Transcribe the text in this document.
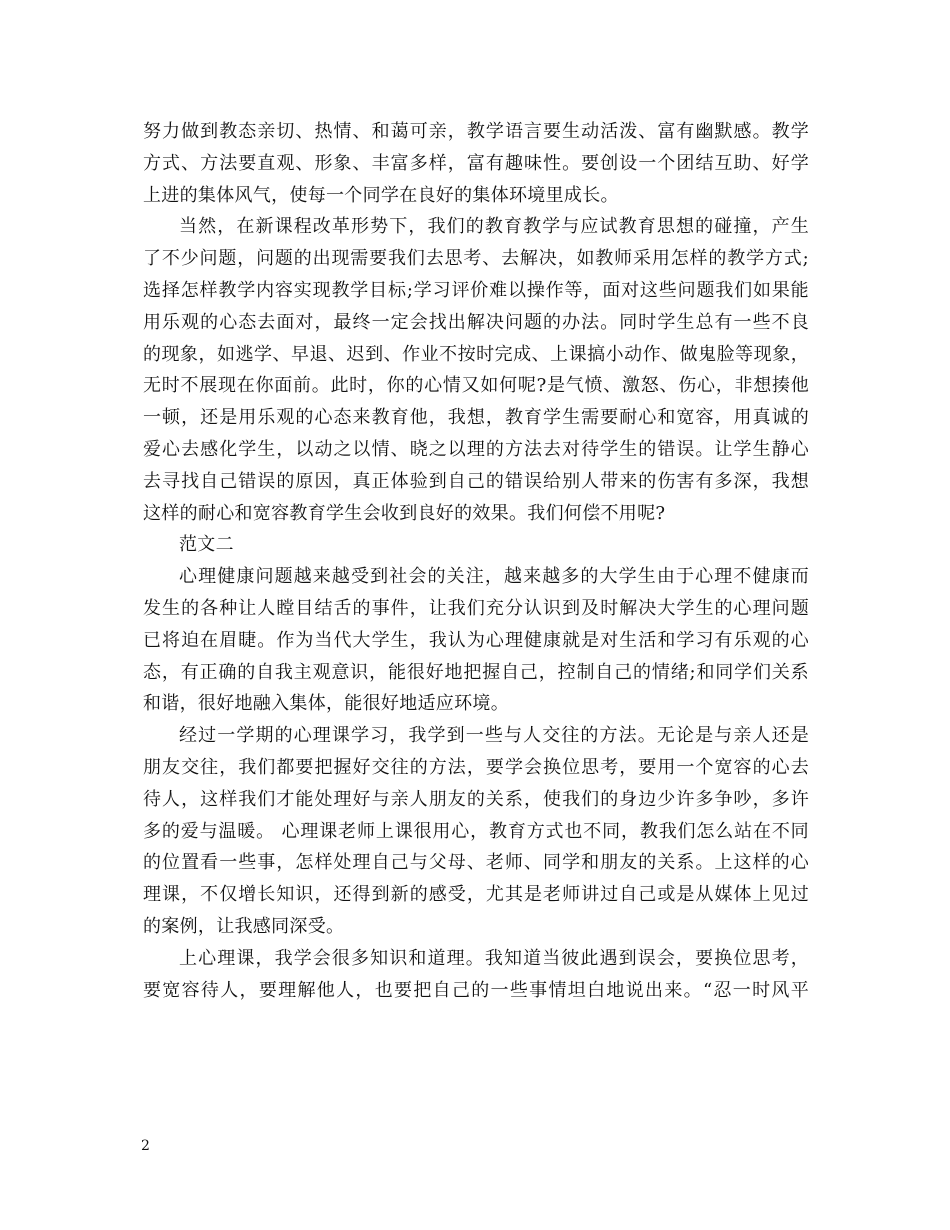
努力做到教态亲切、热情、和蔼可亲，教学语言要生动活泼、富有幽默感。教学
方式、方法要直观、形象、丰富多样，富有趣味性。要创设一个团结互助、好学
上进的集体风气，使每一个同学在良好的集体环境里成长。
当然，在新课程改革形势下，我们的教育教学与应试教育思想的碰撞，产生
了不少问题，问题的出现需要我们去思考、去解决，如教师采用怎样的教学方式;
选择怎样教学内容实现教学目标;学习评价难以操作等，面对这些问题我们如果能
用乐观的心态去面对，最终一定会找出解决问题的办法。同时学生总有一些不良
的现象，如逃学、早退、迟到、作业不按时完成、上课搞小动作、做鬼脸等现象，
无时不展现在你面前。此时，你的心情又如何呢?是气愤、激怒、伤心，非想揍他
一顿，还是用乐观的心态来教育他，我想，教育学生需要耐心和宽容，用真诚的
爱心去感化学生，以动之以情、晓之以理的方法去对待学生的错误。让学生静心
去寻找自己错误的原因，真正体验到自己的错误给别人带来的伤害有多深，我想
这样的耐心和宽容教育学生会收到良好的效果。我们何偿不用呢?
范文二
心理健康问题越来越受到社会的关注，越来越多的大学生由于心理不健康而
发生的各种让人瞠目结舌的事件，让我们充分认识到及时解决大学生的心理问题
已将迫在眉睫。作为当代大学生，我认为心理健康就是对生活和学习有乐观的心
态，有正确的自我主观意识，能很好地把握自己，控制自己的情绪;和同学们关系
和谐，很好地融入集体，能很好地适应环境。
经过一学期的心理课学习，我学到一些与人交往的方法。无论是与亲人还是
朋友交往，我们都要把握好交往的方法，要学会换位思考，要用一个宽容的心去
待人，这样我们才能处理好与亲人朋友的关系，使我们的身边少许多争吵，多许
多的爱与温暖。 心理课老师上课很用心，教育方式也不同，教我们怎么站在不同
的位置看一些事，怎样处理自己与父母、老师、同学和朋友的关系。上这样的心
理课，不仅增长知识，还得到新的感受，尤其是老师讲过自己或是从媒体上见过
的案例，让我感同深受。
上心理课，我学会很多知识和道理。我知道当彼此遇到误会，要换位思考，
要宽容待人，要理解他人，也要把自己的一些事情坦白地说出来。“忍一时风平
2
